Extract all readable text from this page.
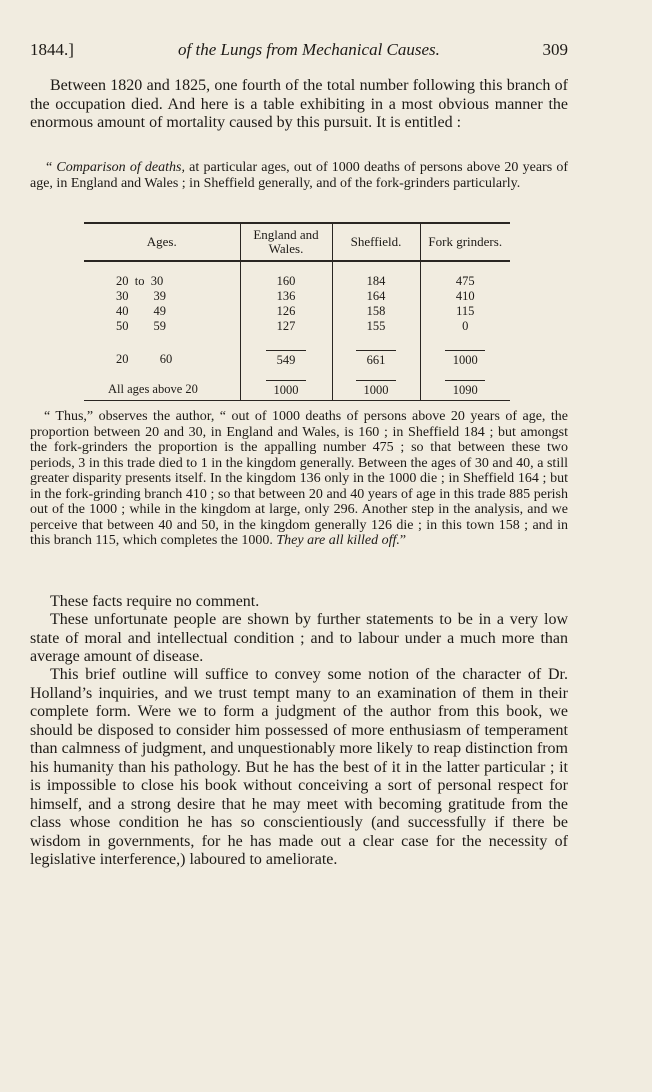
1844.]	of the Lungs from Mechanical Causes.	309

Between 1820 and 1825, one fourth of the total number following this branch of the occupation died. And here is a table exhibiting in a most obvious manner the enormous amount of mortality caused by this pursuit. It is entitled :

“ Comparison of deaths, at particular ages, out of 1000 deaths of persons above 20 years of age, in England and Wales ; in Sheffield generally, and of the fork-grinders particularly.

Ages.	England and Wales.	Sheffield.	Fork grinders.

20  to  30	160	184	475
30        39	136	164	410
40        49	126	158	115
50        59	127	155	0

20          60	549	661	1000

All ages above 20	1000	1000	1090

“ Thus,” observes the author, “ out of 1000 deaths of persons above 20 years of age, the proportion between 20 and 30, in England and Wales, is 160 ; in Sheffield 184 ; but amongst the fork-grinders the proportion is the appalling number 475 ; so that between these two periods, 3 in this trade died to 1 in the kingdom generally. Between the ages of 30 and 40, a still greater disparity presents itself. In the kingdom 136 only in the 1000 die ; in Sheffield 164 ; but in the fork-grinding branch 410 ; so that between 20 and 40 years of age in this trade 885 perish out of the 1000 ; while in the kingdom at large, only 296. Another step in the analysis, and we perceive that between 40 and 50, in the kingdom generally 126 die ; in this town 158 ; and in this branch 115, which completes the 1000. They are all killed off.”

These facts require no comment.

These unfortunate people are shown by further statements to be in a very low state of moral and intellectual condition ; and to labour under a much more than average amount of disease.

This brief outline will suffice to convey some notion of the character of Dr. Holland’s inquiries, and we trust tempt many to an examination of them in their complete form. Were we to form a judgment of the author from this book, we should be disposed to consider him possessed of more enthusiasm of temperament than calmness of judgment, and unquestionably more likely to reap distinction from his humanity than his pathology. But he has the best of it in the latter particular ; it is impossible to close his book without conceiving a sort of personal respect for himself, and a strong desire that he may meet with becoming gratitude from the class whose condition he has so conscientiously (and successfully if there be wisdom in governments, for he has made out a clear case for the necessity of legislative interference,) laboured to ameliorate.
